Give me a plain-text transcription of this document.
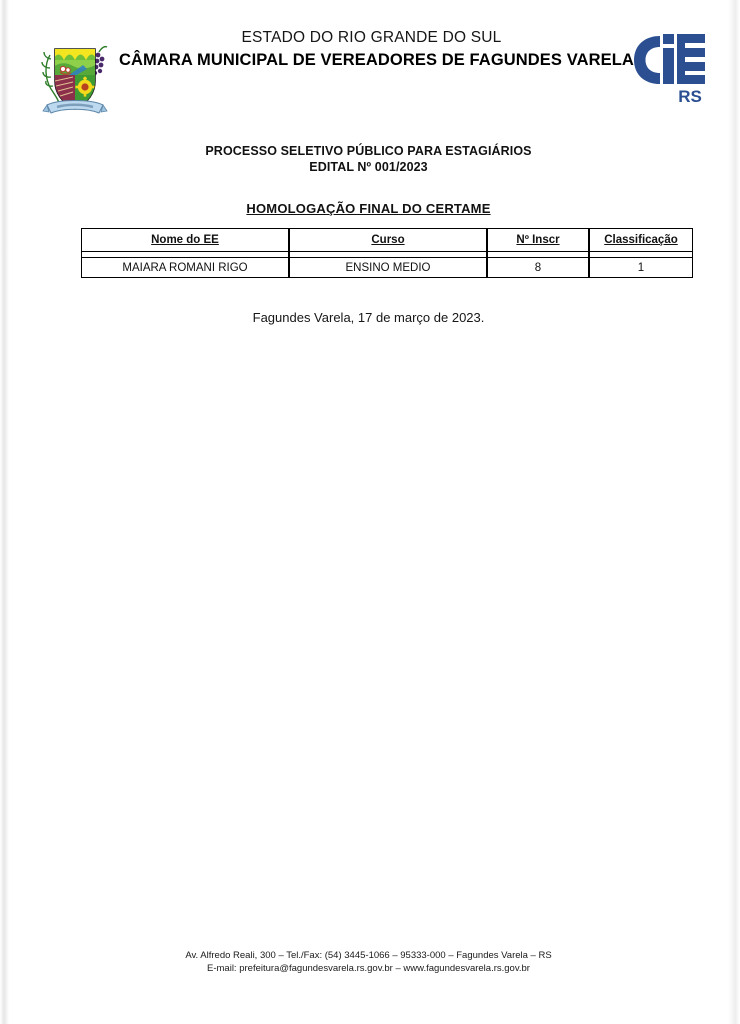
ESTADO DO RIO GRANDE DO SUL
CÂMARA MUNICIPAL DE VEREADORES DE FAGUNDES VARELA
RS
PROCESSO SELETIVO PÚBLICO PARA ESTAGIÁRIOS
EDITAL Nº 001/2023
HOMOLOGAÇÃO FINAL DO CERTAME
Nome do EE	Curso	Nº Inscr	Classificação

MAIARA ROMANI RIGO	ENSINO MEDIO	8	1
Fagundes Varela, 17 de março de 2023.
Av. Alfredo Reali, 300 – Tel./Fax: (54) 3445-1066 – 95333-000 – Fagundes Varela – RS
E-mail: prefeitura@fagundesvarela.rs.gov.br – www.fagundesvarela.rs.gov.br
